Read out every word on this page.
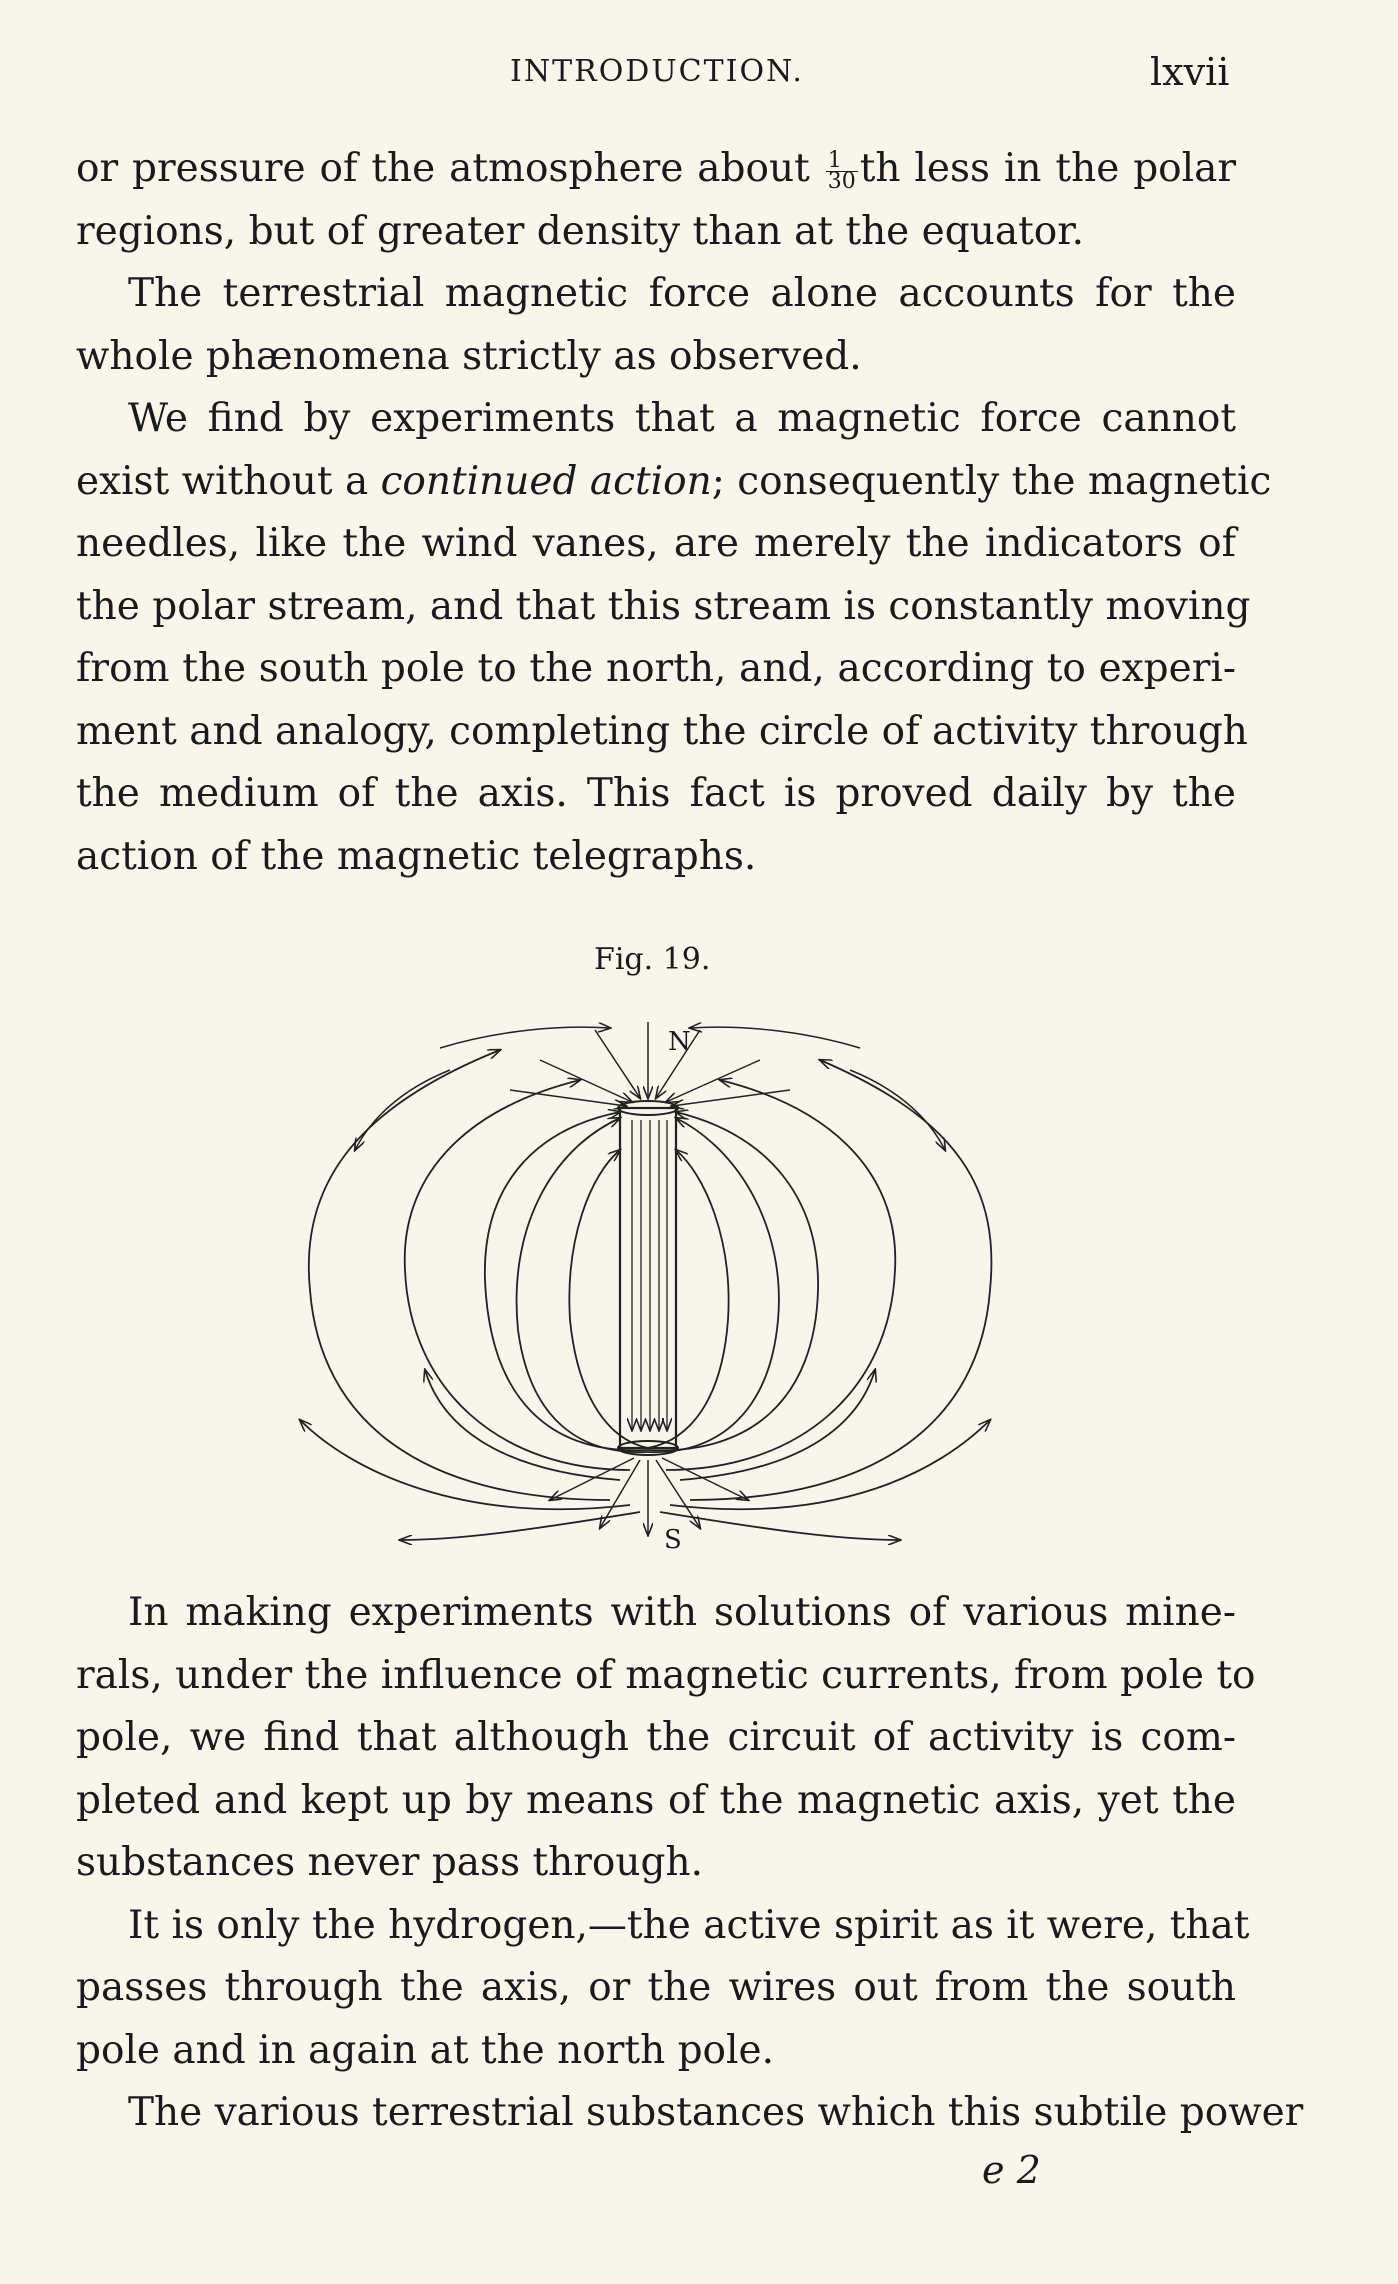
INTRODUCTION.	lxvii
or pressure of the atmosphere about $\frac{1}{30}$ th less in the polar
regions, but of greater density than at the equator.
The terrestrial magnetic force alone accounts for the
whole phænomena strictly as observed.
We find by experiments that a magnetic force cannot
exist without a continued action; consequently the magnetic
needles, like the wind vanes, are merely the indicators of
the polar stream, and that this stream is constantly moving
from the south pole to the north, and, according to experi-
ment and analogy, completing the circle of activity through
the medium of the axis. This fact is proved daily by the
action of the magnetic telegraphs.
Fig. 19.
N
S
In making experiments with solutions of various mine-
rals, under the influence of magnetic currents, from pole to
pole, we find that although the circuit of activity is com-
pleted and kept up by means of the magnetic axis, yet the
substances never pass through.
It is only the hydrogen,—the active spirit as it were, that
passes through the axis, or the wires out from the south
pole and in again at the north pole.
The various terrestrial substances which this subtile power
e 2
